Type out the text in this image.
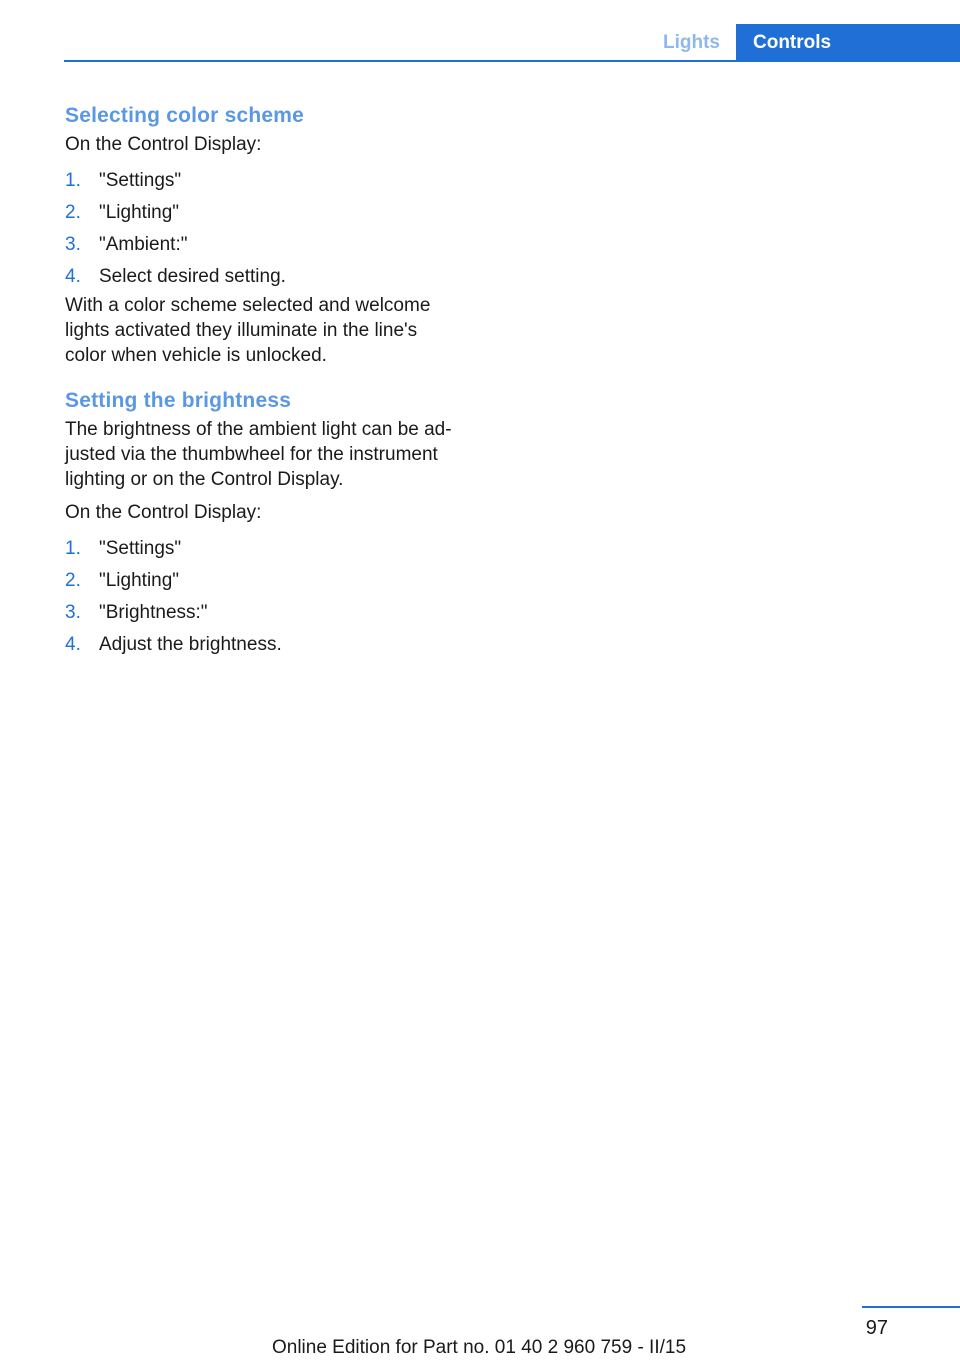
Lights	Controls
Selecting color scheme

On the Control Display:

1. "Settings"
2. "Lighting"
3. "Ambient:"
4. Select desired setting.

With a color scheme selected and welcome
lights activated they illuminate in the line's
color when vehicle is unlocked.

Setting the brightness

The brightness of the ambient light can be ad‐
justed via the thumbwheel for the instrument
lighting or on the Control Display.

On the Control Display:

1. "Settings"
2. "Lighting"
3. "Brightness:"
4. Adjust the brightness.
97
Online Edition for Part no. 01 40 2 960 759 - II/15
